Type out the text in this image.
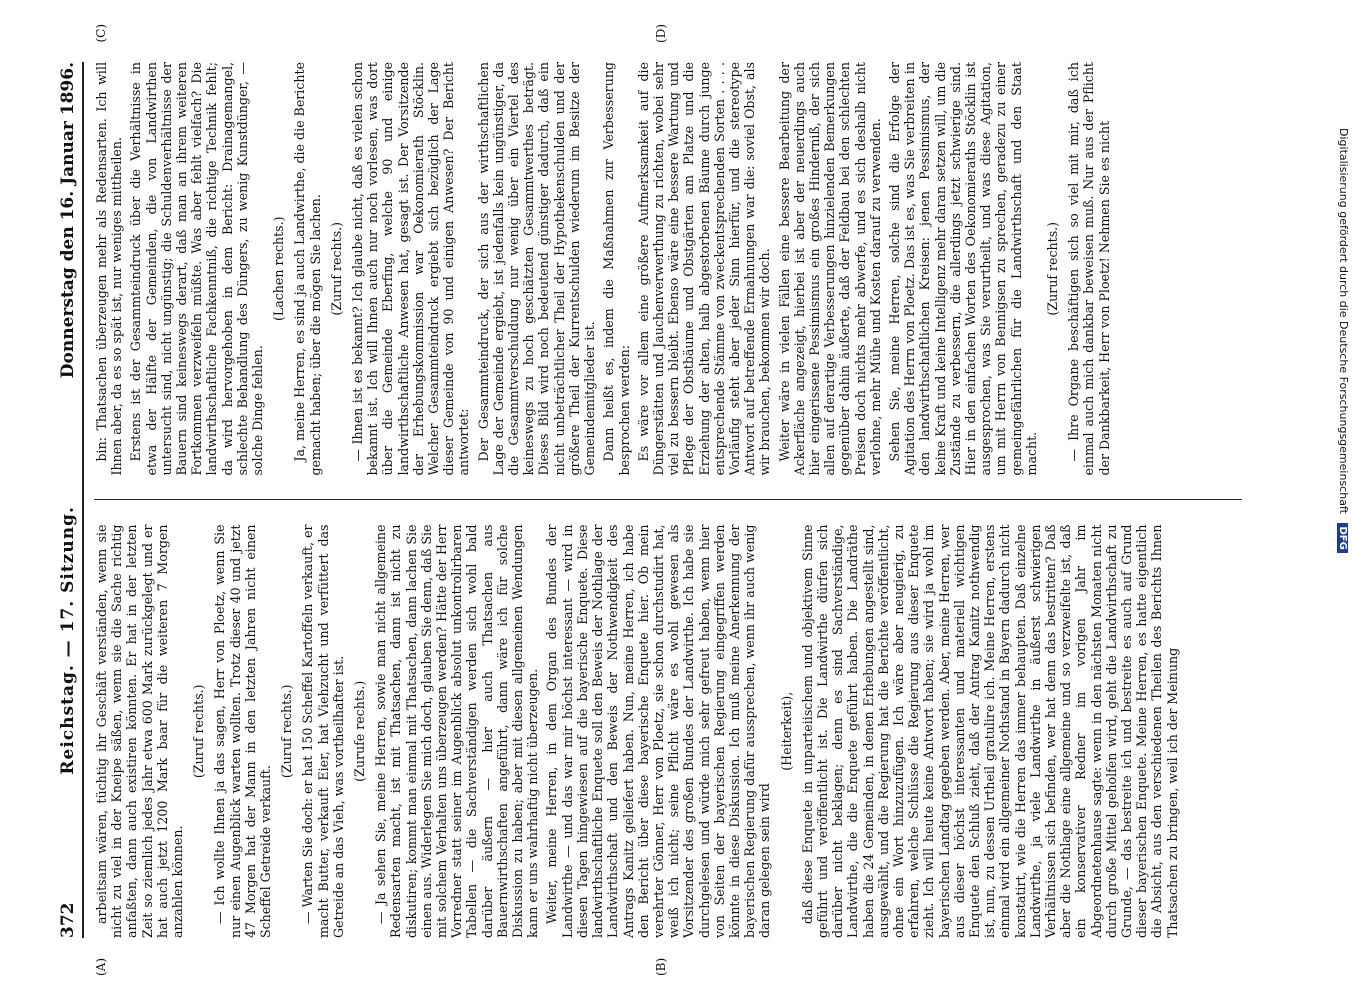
372
Reichstag. — 17. Sitzung.
Donnerstag den 16. Januar 1896.

arbeitsam wären, tüchtig ihr Geschäft verständen, wenn sie nicht zu viel in der Kneipe säßen, wenn sie die Sache richtig anfaßten, dann auch existiren könnten. Er hat in der letzten Zeit so ziemlich jedes Jahr etwa 600 Mark zurückgelegt und er hat auch jetzt 1200 Mark baar für die weiteren 7 Morgen anzahlen können.

(Zuruf rechts.) — Ich wollte Ihnen ja das sagen, Herr von Ploetz, wenn Sie nur einen Augenblick warten wollten. Trotz dieser 40 und jetzt 47 Morgen hat der Mann in den letzten Jahren nicht einen Scheffel Getreide verkauft.

(Zuruf rechts.) — Warten Sie doch: er hat 150 Scheffel Kartoffeln verkauft, er macht Butter, verkauft Eier, hat Viehzucht und verfüttert das Getreide an das Vieh, was vortheilhafter ist. (Zurufe rechts.) — Ja sehen Sie, meine Herren, sowie man nicht allgemeine Redensarten macht, ist mit Thatsachen, dann ist nicht zu diskutiren; kommt man einmal mit Thatsachen, dann lachen Sie einen aus. Widerlegen Sie mich doch, glauben Sie denn, daß Sie mit solchem Verhalten uns überzeugen werden? Hätte der Herr Vorredner statt seiner im Augenblick absolut unkontrolirbaren Tabellen — die Sachverständigen werden sich wohl bald darüber äußern — hier auch Thatsachen aus Bauernwirthschaften angeführt, dann wäre ich für solche Diskussion zu haben; aber mit diesen allgemeinen Wendungen kann er uns wahrhaftig nicht überzeugen. Weiter, meine Herren, in dem Organ des Bundes der Landwirthe — und das war mir höchst interessant — wird in diesen Tagen hingewiesen auf die bayerische Enquete. Diese landwirthschaftliche Enquete soll den Beweis der Nothlage der Landwirthschaft und den Beweis der Nothwendigkeit des Antrags Kanitz geliefert haben. Nun, meine Herren, ich habe den Bericht über diese bayerische Enquete hier. Ob mein verehrter Gönner, Herr von Ploetz, sie schon durchstudirt hat, weiß ich nicht; seine Pflicht wäre es wohl gewesen als Vorsitzender des großen Bundes der Landwirthe. Ich habe sie durchgelesen und würde mich sehr gefreut haben, wenn hier von Seiten der bayerischen Regierung eingegriffen werden könnte in diese Diskussion. Ich muß meine Anerkennung der bayerischen Regierung dafür aussprechen, wenn ihr auch wenig daran gelegen sein wird

(Heiterkeit), daß diese Enquete in unparteiischem und objektivem Sinne geführt und veröffentlicht ist. Die Landwirthe dürfen sich darüber nicht beklagen; denn es sind Sachverständige, Landwirthe, die die Enquete geführt haben. Die Landräthe haben die 24 Gemeinden, in denen Erhebungen angestellt sind, ausgewählt, und die Regierung hat die Berichte veröffentlicht, ohne ein Wort hinzuzufügen. Ich wäre aber neugierig, zu erfahren, welche Schlüsse die Regierung aus dieser Enquete zieht. Ich will heute keine Antwort haben; sie wird ja wohl im bayerischen Landtag gegeben werden. Aber, meine Herren, wer aus dieser höchst interessanten und materiell wichtigen Enquete den Schluß zieht, daß der Antrag Kanitz nothwendig ist, nun, zu dessen Urtheil gratulire ich. Meine Herren, erstens einmal wird ein allgemeiner Nothstand in Bayern dadurch nicht konstatirt, wie die Herren das immer behaupten. Daß einzelne Landwirthe, ja viele Landwirthe in äußerst schwierigen Verhältnissen sich befinden, wer hat denn das bestritten? Daß aber die Nothlage eine allgemeine und so verzweifelte ist, daß ein konservativer Redner im vorigen Jahr im Abgeordnetenhause sagte: wenn in den nächsten Monaten nicht durch große Mittel geholfen wird, geht die Landwirthschaft zu Grunde, — das bestreite ich und bestreite es auch auf Grund dieser bayerischen Enquete. Meine Herren, es hatte eigentlich die Absicht, aus den verschiedenen Theilen des Berichts Ihnen Thatsachen zu bringen, weil ich der Meinung

bin: Thatsachen überzeugen mehr als Redensarten. Ich will Ihnen aber, da es so spät ist, nur weniges mittheilen. Erstens ist der Gesammteindruck über die Verhältnisse in etwa der Hälfte der Gemeinden, die von Landwirthen untersucht sind, nicht ungünstig; die Schuldenverhältnisse der Bauern sind keineswegs derart, daß man an ihrem weiteren Fortkommen verzweifeln müßte. Was aber fehlt vielfach? Die landwirthschaftliche Fachkenntniß, die richtige Technik fehlt; da wird hervorgehoben in dem Bericht: Drainagemangel, schlechte Behandlung des Düngers, zu wenig Kunstdünger, — solche Dinge fehlen.

(Lachen rechts.) Ja, meine Herren, es sind ja auch Landwirthe, die die Berichte gemacht haben; über die mögen Sie lachen. (Zuruf rechts.) — Ihnen ist es bekannt? Ich glaube nicht, daß es vielen schon bekannt ist. Ich will Ihnen auch nur noch vorlesen, was dort über die Gemeinde Eberfing, welche 90 und einige landwirthschaftliche Anwesen hat, gesagt ist. Der Vorsitzende der Erhebungskommission war Oekonomierath Stöcklin. Welcher Gesammteindruck ergiebt sich bezüglich der Lage dieser Gemeinde von 90 und einigen Anwesen? Der Bericht antwortet: Der Gesammteindruck, der sich aus der wirthschaftlichen Lage der Gemeinde ergiebt, ist jedenfalls kein ungünstiger, da die Gesammtverschuldung nur wenig über ein Viertel des keineswegs zu hoch geschätzten Gesammtwerthes beträgt. Dieses Bild wird noch bedeutend günstiger dadurch, daß ein nicht unbeträchtlicher Theil der Hypothekenschulden und der größere Theil der Kurrentschulden wiederum im Besitze der Gemeindemitglieder ist. Dann heißt es, indem die Maßnahmen zur Verbesserung besprochen werden: Es wäre vor allem eine größere Aufmerksamkeit auf die Düngerstätten und Jauchenverwerthung zu richten, wobei sehr viel zu bessern bleibt. Ebenso wäre eine bessere Wartung und Pflege der Obstbäume und Obstgärten am Platze und die Erziehung der alten, halb abgestorbenen Bäume durch junge entsprechende Stämme von zweckentsprechenden Sorten . . . . Vorläufig steht aber jeder Sinn hierfür, und die stereotype Antwort auf betreffende Ermahnungen war die: soviel Obst, als wir brauchen, bekommen wir doch. Weiter wäre in vielen Fällen eine bessere Bearbeitung der Ackerfläche angezeigt, hierbei ist aber der neuerdings auch hier eingerissene Pessimismus ein großes Hinderniß, der sich allen auf derartige Verbesserungen hinzielenden Bemerkungen gegenüber dahin äußerte, daß der Feldbau bei den schlechten Preisen doch nichts mehr abwerfe, und es sich deshalb nicht verlohne, mehr Mühe und Kosten darauf zu verwenden. Sehen Sie, meine Herren, solche sind die Erfolge der Agitation des Herrn von Ploetz. Das ist es, was Sie verbreiten in den landwirthschaftlichen Kreisen: jenen Pessimismus, der keine Kraft und keine Intelligenz mehr daran setzen will, um die Zustände zu verbessern, die allerdings jetzt schwierige sind. Hier in den einfachen Worten des Oekonomieraths Stöcklin ist ausgesprochen, was Sie verurtheilt, und was diese Agitation, um mit Herrn von Bennigsen zu sprechen, geradezu zu einer gemeingefährlichen für die Landwirthschaft und den Staat macht.

(Zuruf rechts.) — Ihre Organe beschäftigen sich so viel mit mir, daß ich einmal auch mich dankbar beweisen muß. Nur aus der Pflicht der Dankbarkeit, Herr von Ploetz! Nehmen Sie es nicht

(A)	(B)
(C)	(D)
Digitalisierung gefördert durch die Deutsche Forschungsgemeinschaft DFG
